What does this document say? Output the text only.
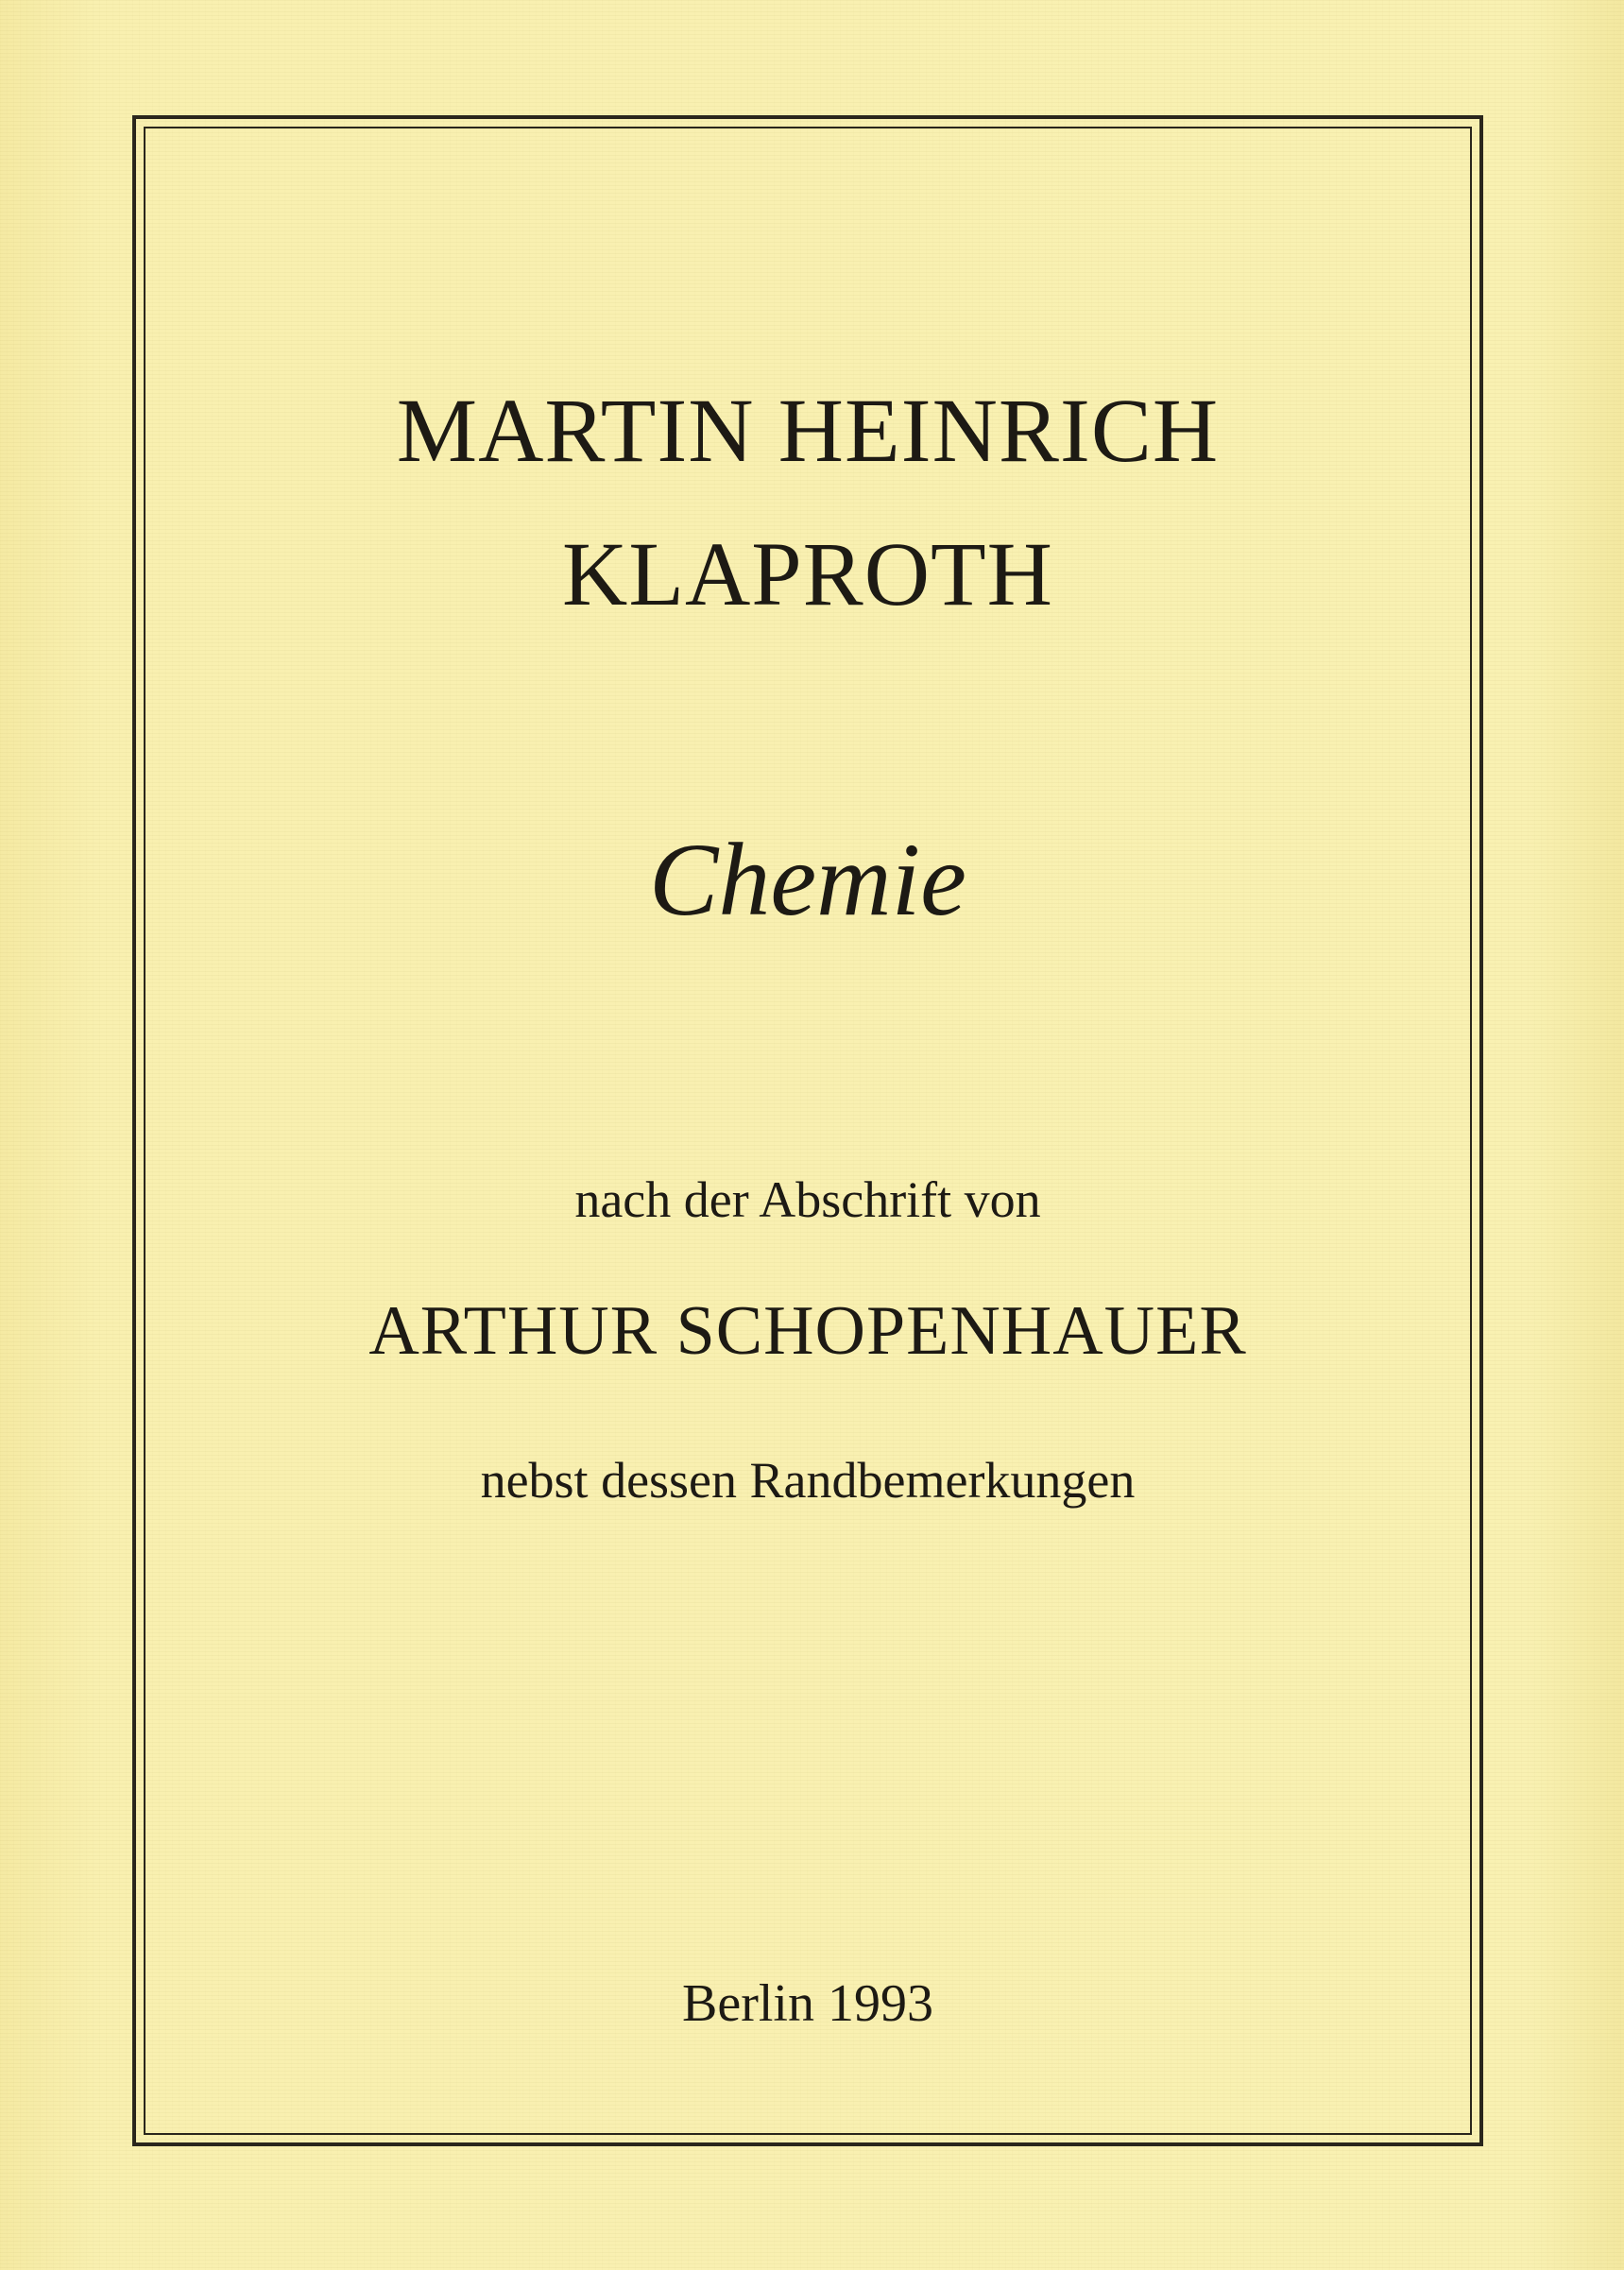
MARTIN HEINRICH
KLAPROTH
Chemie
nach der Abschrift von
ARTHUR SCHOPENHAUER
nebst dessen Randbemerkungen
Berlin 1993
